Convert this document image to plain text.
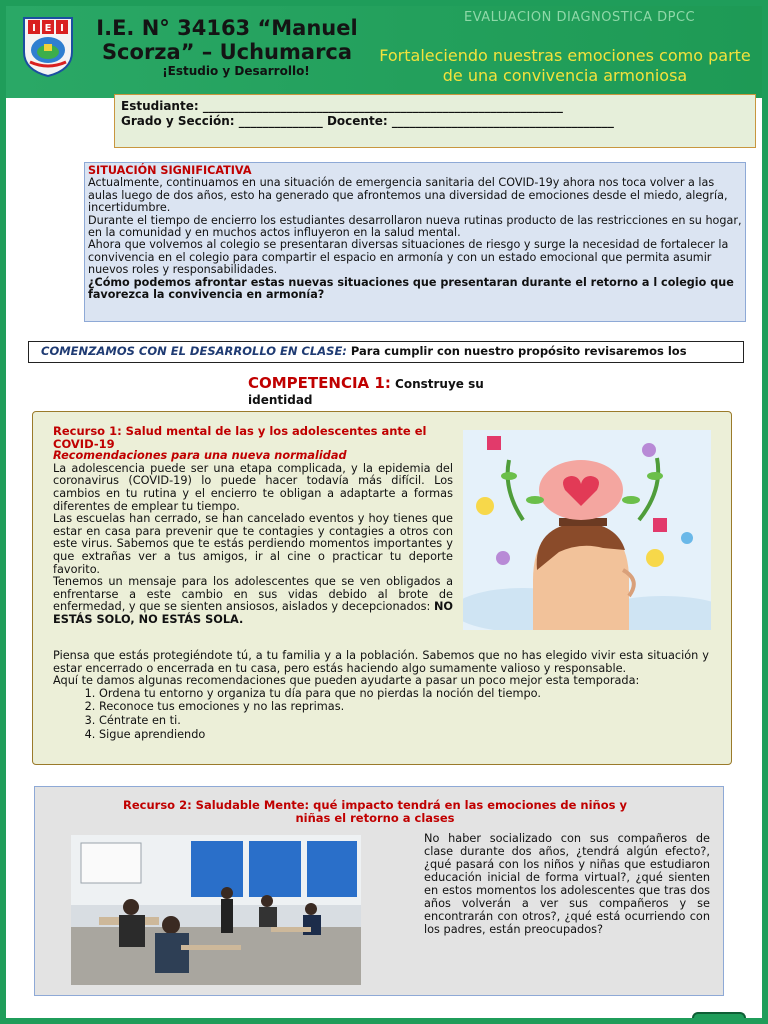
I E I	I.E. N° 34163 “Manuel Scorza” – Uchumarca
¡Estudio y Desarrollo!
EVALUACION DIAGNOSTICA DPCC
Fortaleciendo nuestras emociones como parte de una convivencia armoniosa
Estudiante: ____________________________________________________________
Grado y Sección: ______________ Docente: _____________________________________
SITUACIÓN SIGNIFICATIVA

Actualmente, continuamos en una situación de emergencia sanitaria del COVID-19y ahora nos toca volver a las aulas luego de dos años, esto ha generado que afrontemos una diversidad de emociones desde el miedo, alegría, incertidumbre.

Durante el tiempo de encierro los estudiantes desarrollaron nueva rutinas producto de las restricciones en su hogar, en la comunidad y en muchos actos influyeron en la salud mental.

Ahora que volvemos al colegio se presentaran diversas situaciones de riesgo y surge la necesidad de fortalecer la convivencia en el colegio para compartir el espacio en armonía y con un estado emocional que permita asumir nuevos roles y responsabilidades.

¿Cómo podemos afrontar estas nuevas situaciones que presentaran durante el retorno a l colegio que favorezca la convivencia en armonía?

COMENZAMOS CON EL DESARROLLO EN CLASE: Para cumplir con nuestro propósito revisaremos los
COMPETENCIA 1: Construye su identidad
Recurso 1: Salud mental de las y los adolescentes ante el COVID-19
Recomendaciones para una nueva normalidad

La adolescencia puede ser una etapa complicada, y la epidemia del coronavirus (COVID-19) lo puede hacer todavía más difícil. Los cambios en tu rutina y el encierro te obligan a adaptarte a formas diferentes de emplear tu tiempo.

Las escuelas han cerrado, se han cancelado eventos y hoy tienes que estar en casa para prevenir que te contagies y contagies a otros con este virus. Sabemos que te estás perdiendo momentos importantes y que extrañas ver a tus amigos, ir al cine o practicar tu deporte favorito.

Tenemos un mensaje para los adolescentes que se ven obligados a enfrentarse a este cambio en sus vidas debido al brote de enfermedad, y que se sienten ansiosos, aislados y decepcionados: NO ESTÁS SOLO, NO ESTÁS SOLA.

Piensa que estás protegiéndote tú, a tu familia y a la población. Sabemos que no has elegido vivir esta situación y estar encerrado o encerrada en tu casa, pero estás haciendo algo sumamente valioso y responsable.

Aquí te damos algunas recomendaciones que pueden ayudarte a pasar un poco mejor esta temporada:

1. Ordena tu entorno y organiza tu día para que no pierdas la noción del tiempo.
2. Reconoce tus emociones y no las reprimas.
3. Céntrate en ti.
4. Sigue aprendiendo
Recurso 2: Saludable Mente: qué impacto tendrá en las emociones de niños y niñas el retorno a clases
No haber socializado con sus compañeros de clase durante dos años, ¿tendrá algún efecto?, ¿qué pasará con los niños y niñas que estudiaron educación inicial de forma virtual?, ¿qué sienten en estos momentos los adolescentes que tras dos años volverán a ver sus compañeros y se encontrarán con otros?, ¿qué está ocurriendo con los padres, están preocupados?
